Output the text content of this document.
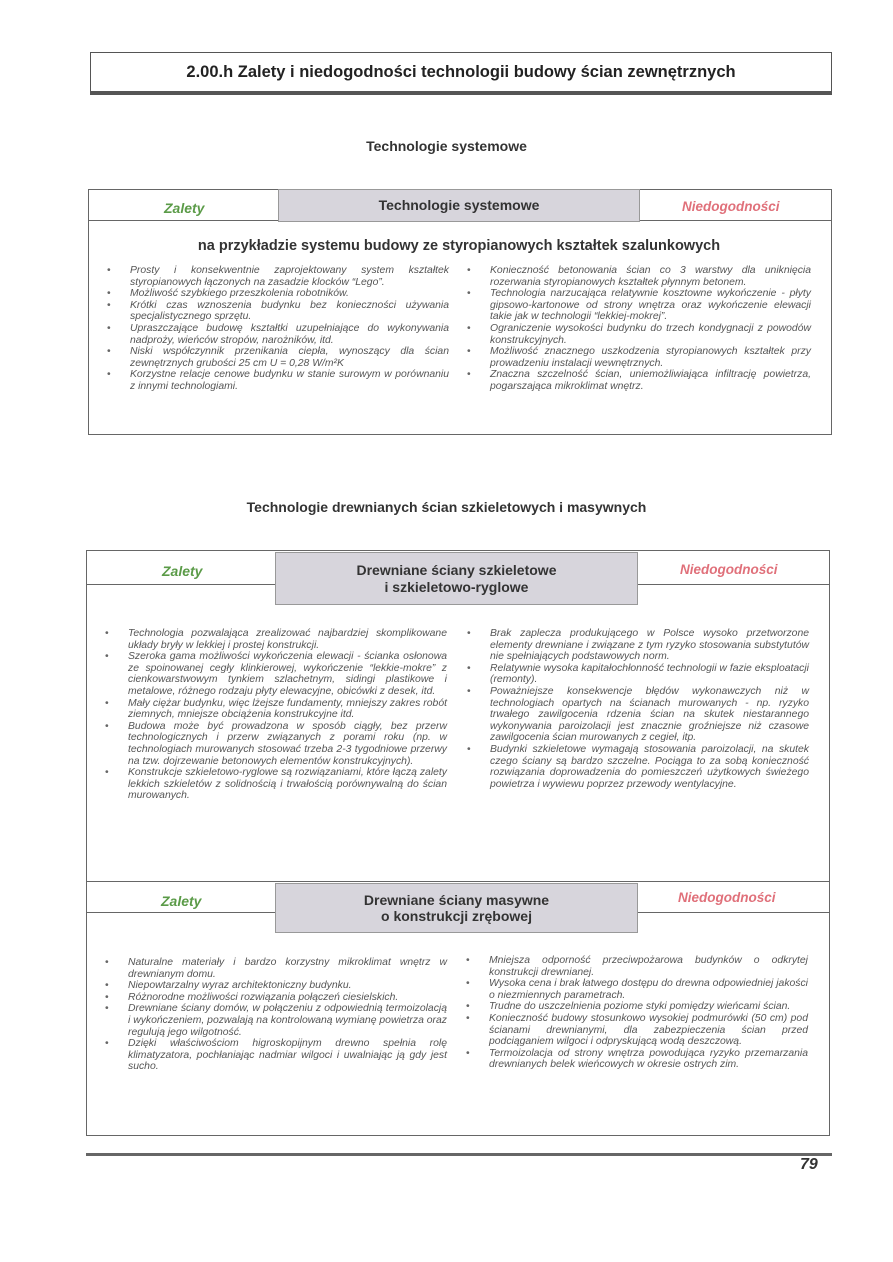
2.00.h Zalety i niedogodności technologii budowy ścian zewnętrznych
Technologie systemowe
Zalety	Niedogodności
Technologie systemowe
na przykładzie systemu budowy ze styropianowych kształtek szalunkowych
• Prosty i konsekwentnie zaprojektowany system kształtek styropianowych łączonych na zasadzie klocków “Lego”.
• Możliwość szybkiego przeszkolenia robotników.
• Krótki czas wznoszenia budynku bez konieczności używania specjalistycznego sprzętu.
• Upraszczające budowę kształtki uzupełniające do wykonywania nadproży, wieńców stropów, narożników, itd.
• Niski współczynnik przenikania ciepła, wynoszący dla ścian zewnętrznych grubości 25 cm U = 0,28 W/m²K
• Korzystne relacje cenowe budynku w stanie surowym w porównaniu z innymi technologiami.
• Konieczność betonowania ścian co 3 warstwy dla uniknięcia rozerwania styropianowych kształtek płynnym betonem.
• Technologia narzucająca relatywnie kosztowne wykończenie - płyty gipsowo-kartonowe od strony wnętrza oraz wykończenie elewacji takie jak w technologii “lekkiej-mokrej”.
• Ograniczenie wysokości budynku do trzech kondygnacji z powodów konstrukcyjnych.
• Możliwość znacznego uszkodzenia styropianowych kształtek przy prowadzeniu instalacji wewnętrznych.
• Znaczna szczelność ścian, uniemożliwiająca infiltrację powietrza, pogarszająca mikroklimat wnętrz.
Technologie drewnianych ścian szkieletowych i masywnych
Zalety	Niedogodności
Drewniane ściany szkieletowe
i szkieletowo-ryglowe
• Technologia pozwalająca zrealizować najbardziej skomplikowane układy bryły w lekkiej i prostej konstrukcji.
• Szeroka gama możliwości wykończenia elewacji - ścianka osłonowa ze spoinowanej cegły klinkierowej, wykończenie “lekkie-mokre” z cienkowarstwowym tynkiem szlachetnym, sidingi plastikowe i metalowe, różnego rodzaju płyty elewacyjne, obicówki z desek, itd.
• Mały ciężar budynku, więc lżejsze fundamenty, mniejszy zakres robót ziemnych, mniejsze obciążenia konstrukcyjne itd.
• Budowa może być prowadzona w sposób ciągły, bez przerw technologicznych i przerw związanych z porami roku (np. w technologiach murowanych stosować trzeba 2-3 tygodniowe przerwy na tzw. dojrzewanie betonowych elementów konstrukcyjnych).
• Konstrukcje szkieletowo-ryglowe są rozwiązaniami, które łączą zalety lekkich szkieletów z solidnością i trwałością porównywalną do ścian murowanych.
• Brak zaplecza produkującego w Polsce wysoko przetworzone elementy drewniane i związane z tym ryzyko stosowania substytutów nie spełniających podstawowych norm.
• Relatywnie wysoka kapitałochłonność technologii w fazie eksploatacji (remonty).
• Poważniejsze konsekwencje błędów wykonawczych niż w technologiach opartych na ścianach murowanych - np. ryzyko trwałego zawilgocenia rdzenia ścian na skutek niestarannego wykonywania paroizolacji jest znacznie groźniejsze niż czasowe zawilgocenia ścian murowanych z cegieł, itp.
• Budynki szkieletowe wymagają stosowania paroizolacji, na skutek czego ściany są bardzo szczelne. Pociąga to za sobą konieczność rozwiązania doprowadzenia do pomieszczeń użytkowych świeżego powietrza i wywiewu poprzez przewody wentylacyjne.
Zalety	Niedogodności
Drewniane ściany masywne
o konstrukcji zrębowej
• Naturalne materiały i bardzo korzystny mikroklimat wnętrz w drewnianym domu.
• Niepowtarzalny wyraz architektoniczny budynku.
• Różnorodne możliwości rozwiązania połączeń ciesielskich.
• Drewniane ściany domów, w połączeniu z odpowiednią termoizolacją i wykończeniem, pozwalają na kontrolowaną wymianę powietrza oraz regulują jego wilgotność.
• Dzięki właściwościom higroskopijnym drewno spełnia rolę klimatyzatora, pochłaniając nadmiar wilgoci i uwalniając ją gdy jest sucho.
• Mniejsza odporność przeciwpożarowa budynków o odkrytej konstrukcji drewnianej.
• Wysoka cena i brak łatwego dostępu do drewna odpowiedniej jakości o niezmiennych parametrach.
• Trudne do uszczelnienia poziome styki pomiędzy wieńcami ścian.
• Konieczność budowy stosunkowo wysokiej podmurówki (50 cm) pod ścianami drewnianymi, dla zabezpieczenia ścian przed podciąganiem wilgoci i odpryskującą wodą deszczową.
• Termoizolacja od strony wnętrza powodująca ryzyko przemarzania drewnianych belek wieńcowych w okresie ostrych zim.
79
